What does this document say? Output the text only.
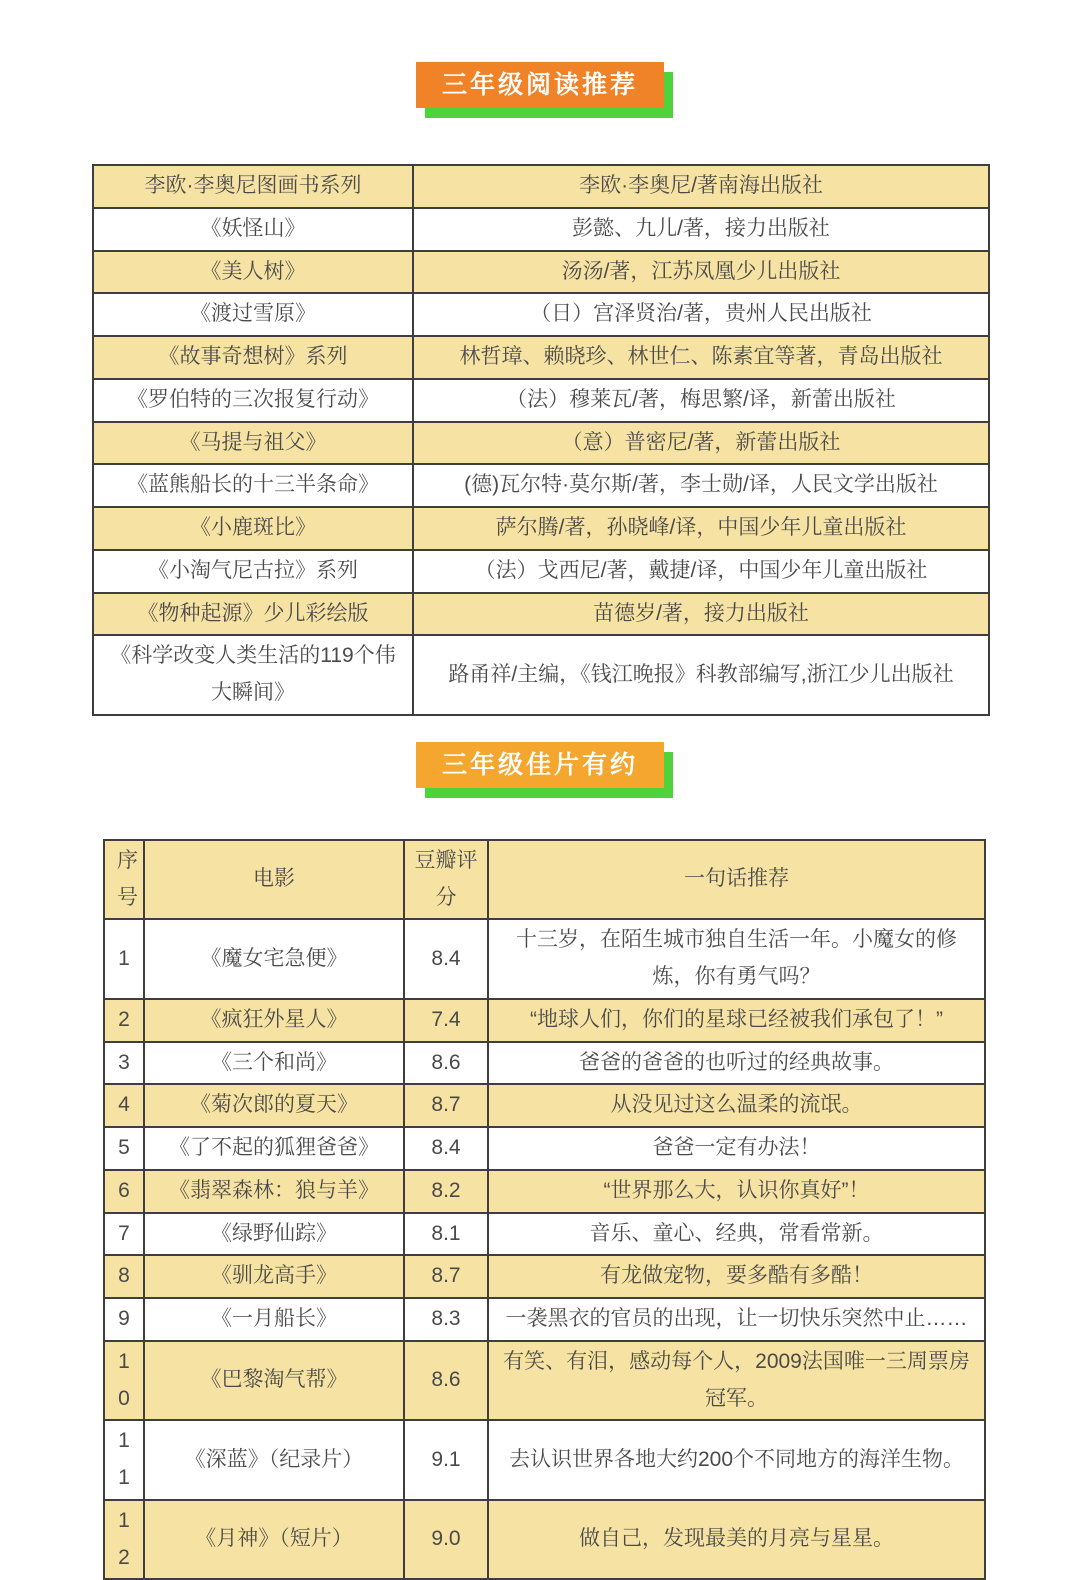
三年级阅读推荐
李欧·李奥尼图画书系列	李欧·李奥尼/著南海出版社
《妖怪山》	彭懿、九儿/著，接力出版社
《美人树》	汤汤/著，江苏凤凰少儿出版社
《渡过雪原》	（日）宫泽贤治/著，贵州人民出版社
《故事奇想树》系列	林哲璋、赖晓珍、林世仁、陈素宜等著，青岛出版社
《罗伯特的三次报复行动》	（法）穆莱瓦/著，梅思繁/译，新蕾出版社
《马提与祖父》	（意）普密尼/著，新蕾出版社
《蓝熊船长的十三半条命》	(德)瓦尔特·莫尔斯/著，李士勋/译，人民文学出版社
《小鹿斑比》	萨尔腾/著，孙晓峰/译，中国少年儿童出版社
《小淘气尼古拉》系列	（法）戈西尼/著，戴捷/译，中国少年儿童出版社
《物种起源》少儿彩绘版	苗德岁/著，接力出版社
《科学改变人类生活的119个伟大瞬间》	路甬祥/主编，《钱江晚报》科教部编写,浙江少儿出版社
三年级佳片有约
序号	电影	豆瓣评分	一句话推荐
1	《魔女宅急便》	8.4	十三岁，在陌生城市独自生活一年。小魔女的修炼，你有勇气吗？
2	《疯狂外星人》	7.4	“地球人们，你们的星球已经被我们承包了！”
3	《三个和尚》	8.6	爸爸的爸爸的也听过的经典故事。
4	《菊次郎的夏天》	8.7	从没见过这么温柔的流氓。
5	《了不起的狐狸爸爸》	8.4	爸爸一定有办法！
6	《翡翠森林：狼与羊》	8.2	“世界那么大，认识你真好”！
7	《绿野仙踪》	8.1	音乐、童心、经典，常看常新。
8	《驯龙高手》	8.7	有龙做宠物，要多酷有多酷！
9	《一月船长》	8.3	一袭黑衣的官员的出现，让一切快乐突然中止……
10	《巴黎淘气帮》	8.6	有笑、有泪，感动每个人，2009法国唯一三周票房冠军。
11	《深蓝》（纪录片）	9.1	去认识世界各地大约200个不同地方的海洋生物。
12	《月神》（短片）	9.0	做自己，发现最美的月亮与星星。
